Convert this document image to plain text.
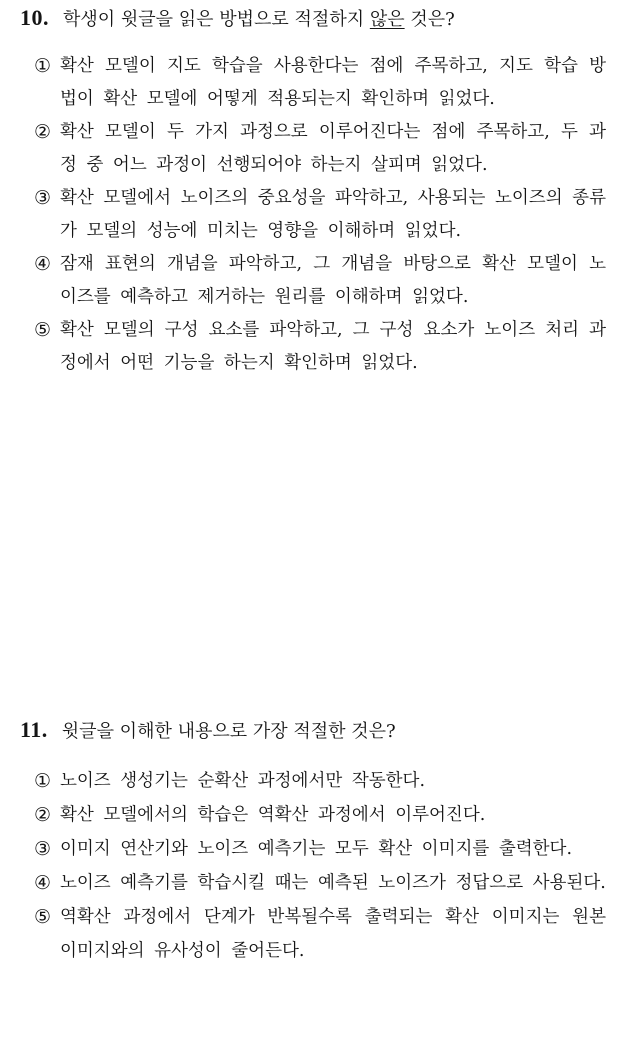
10. 학생이 윗글을 읽은 방법으로 적절하지 않은 것은?
① 확산 모델이 지도 학습을 사용한다는 점에 주목하고, 지도 학습 방법이 확산 모델에 어떻게 적용되는지 확인하며 읽었다.
② 확산 모델이 두 가지 과정으로 이루어진다는 점에 주목하고, 두 과정 중 어느 과정이 선행되어야 하는지 살피며 읽었다.
③ 확산 모델에서 노이즈의 중요성을 파악하고, 사용되는 노이즈의 종류가 모델의 성능에 미치는 영향을 이해하며 읽었다.
④ 잠재 표현의 개념을 파악하고, 그 개념을 바탕으로 확산 모델이 노이즈를 예측하고 제거하는 원리를 이해하며 읽었다.
⑤ 확산 모델의 구성 요소를 파악하고, 그 구성 요소가 노이즈 처리 과정에서 어떤 기능을 하는지 확인하며 읽었다.
11. 윗글을 이해한 내용으로 가장 적절한 것은?
① 노이즈 생성기는 순확산 과정에서만 작동한다.
② 확산 모델에서의 학습은 역확산 과정에서 이루어진다.
③ 이미지 연산기와 노이즈 예측기는 모두 확산 이미지를 출력한다.
④ 노이즈 예측기를 학습시킬 때는 예측된 노이즈가 정답으로 사용된다.
⑤ 역확산 과정에서 단계가 반복될수록 출력되는 확산 이미지는 원본 이미지와의 유사성이 줄어든다.
